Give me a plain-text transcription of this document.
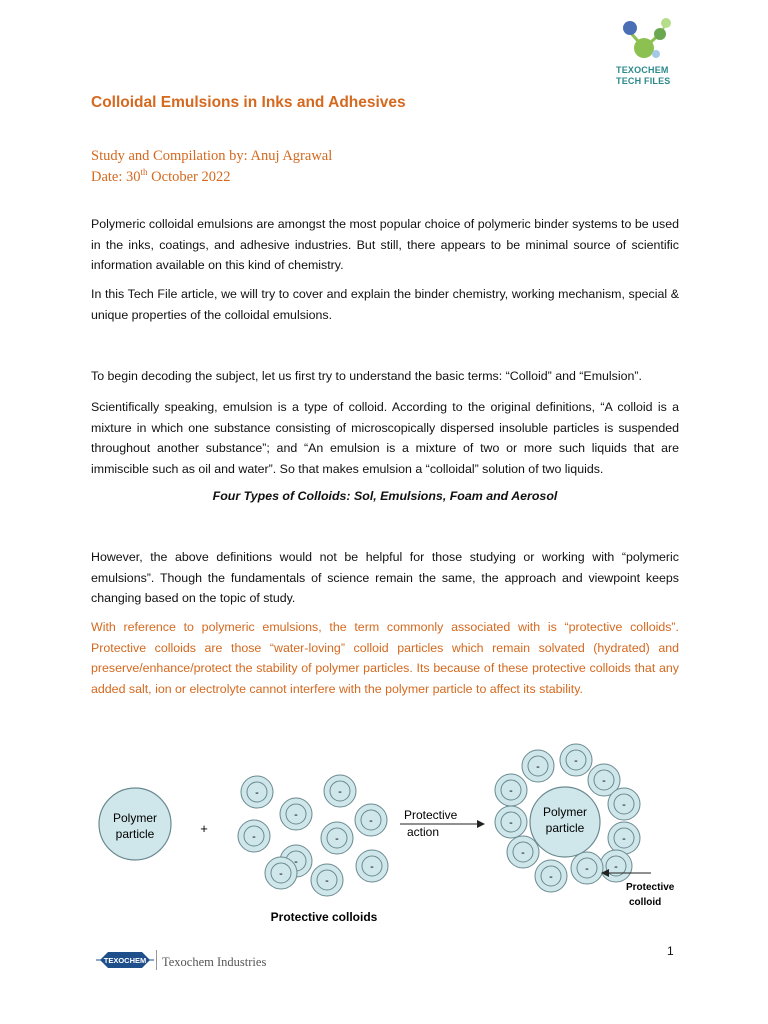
TEXOCHEM
TECH FILES
Colloidal Emulsions in Inks and Adhesives
Study and Compilation by: Anuj Agrawal
Date: 30th October 2022
Polymeric colloidal emulsions are amongst the most popular choice of polymeric binder systems to be used in the inks, coatings, and adhesive industries. But still, there appears to be minimal source of scientific information available on this kind of chemistry.
In this Tech File article, we will try to cover and explain the binder chemistry, working mechanism, special & unique properties of the colloidal emulsions.
To begin decoding the subject, let us first try to understand the basic terms: “Colloid” and “Emulsion”.
Scientifically speaking, emulsion is a type of colloid. According to the original definitions, “A colloid is a mixture in which one substance consisting of microscopically dispersed insoluble particles is suspended throughout another substance”; and “An emulsion is a mixture of two or more such liquids that are immiscible such as oil and water”. So that makes emulsion a “colloidal” solution of two liquids.
Four Types of Colloids: Sol, Emulsions, Foam and Aerosol
However, the above definitions would not be helpful for those studying or working with “polymeric emulsions”. Though the fundamentals of science remain the same, the approach and viewpoint keeps changing based on the topic of study.
With reference to polymeric emulsions, the term commonly associated with is “protective colloids”. Protective colloids are those “water-loving” colloid particles which remain solvated (hydrated) and preserve/enhance/protect the stability of polymer particles. Its because of these protective colloids that any added salt, ion or electrolyte cannot interfere with the polymer particle to affect its stability.
Polymer
particle	+
-
-
-
-
-
-
-
-
-
-
Protective colloids
Protective
action
-	-
-
-
-
-
-
-
-
-
-
Polymer
particle
Protective
colloid
TEXOCHEM Texochem Industries
1
